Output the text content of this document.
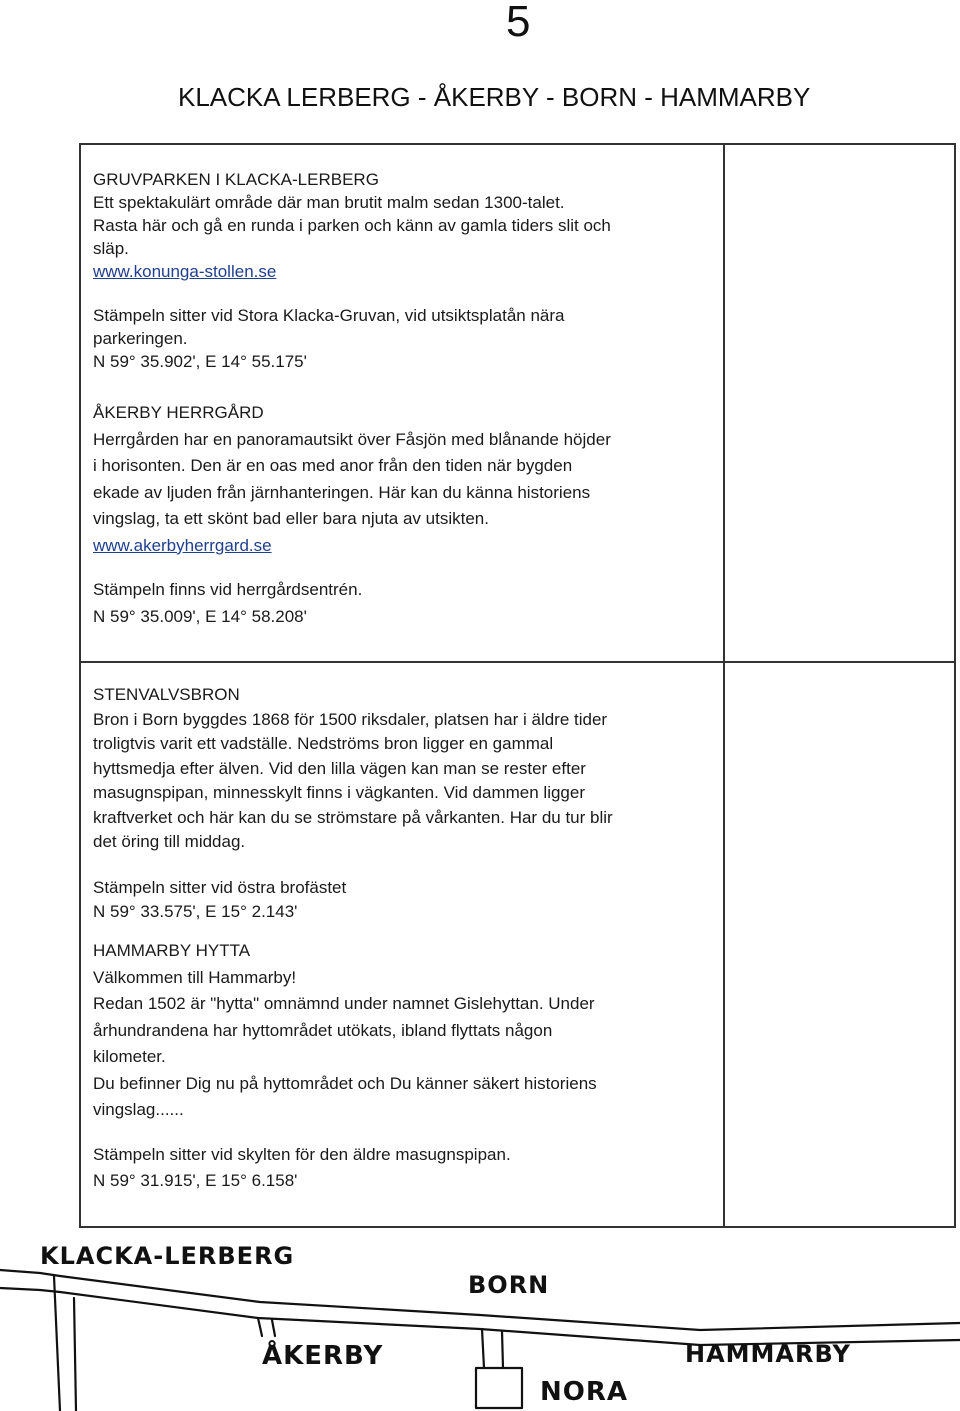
5
KLACKA LERBERG - ÅKERBY - BORN - HAMMARBY

GRUVPARKEN I KLACKA-LERBERG

Ett spektakulärt område där man brutit malm sedan 1300-talet.

Rasta här och gå en runda i parken och känn av gamla tiders slit och

släp.

www.konunga-stollen.se

Stämpeln sitter vid Stora Klacka-Gruvan, vid utsiktsplatån nära

parkeringen.

N 59° 35.902', E 14° 55.175'

ÅKERBY HERRGÅRD

Herrgården har en panoramautsikt över Fåsjön med blånande höjder

i horisonten. Den är en oas med anor från den tiden när bygden

ekade av ljuden från järnhanteringen. Här kan du känna historiens

vingslag, ta ett skönt bad eller bara njuta av utsikten.

www.akerbyherrgard.se

Stämpeln finns vid herrgårdsentrén.

N 59° 35.009', E 14° 58.208'

STENVALVSBRON

Bron i Born byggdes 1868 för 1500 riksdaler, platsen har i äldre tider

troligtvis varit ett vadställe. Nedströms bron ligger en gammal

hyttsmedja efter älven. Vid den lilla vägen kan man se rester efter

masugnspipan, minnesskylt finns i vägkanten. Vid dammen ligger

kraftverket och här kan du se strömstare på vårkanten. Har du tur blir

det öring till middag.

Stämpeln sitter vid östra brofästet

N 59° 33.575', E 15° 2.143'

HAMMARBY HYTTA

Välkommen till Hammarby!

Redan 1502 är "hytta" omnämnd under namnet Gislehyttan. Under

århundrandena har hyttområdet utökats, ibland flyttats någon

kilometer.

Du befinner Dig nu på hyttområdet och Du känner säkert historiens

vingslag......

Stämpeln sitter vid skylten för den äldre masugnspipan.

N 59° 31.915', E 15° 6.158'

KLACKA-LERBERG
BORN
ÅKERBY	HAMMARBY
NORA
